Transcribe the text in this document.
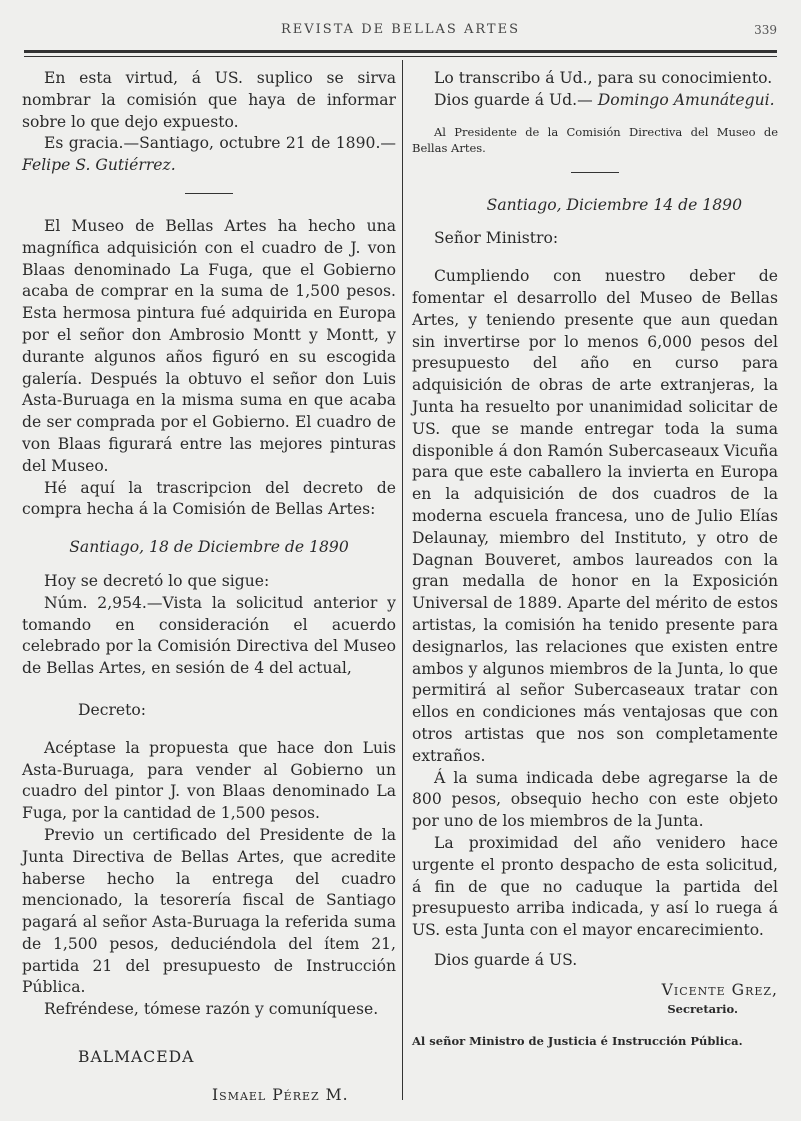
REVISTA DE BELLAS ARTES	339

En esta virtud, á US. suplico se sirva nombrar la comisión que haya de informar sobre lo que dejo expuesto.

Es gracia.—Santiago, octubre 21 de 1890.— Felipe S. Gutiérrez.

El Museo de Bellas Artes ha hecho una magnífica adquisición con el cuadro de J. von Blaas denominado La Fuga, que el Gobierno acaba de comprar en la suma de 1,500 pesos. Esta hermosa pintura fué adquirida en Europa por el señor don Ambrosio Montt y Montt, y durante algunos años figuró en su escogida galería. Después la obtuvo el señor don Luis Asta-Buruaga en la misma suma en que acaba de ser comprada por el Gobierno. El cuadro de von Blaas figurará entre las mejores pinturas del Museo.

Hé aquí la trascripcion del decreto de compra hecha á la Comisión de Bellas Artes:

Santiago, 18 de Diciembre de 1890

Hoy se decretó lo que sigue:

Núm. 2,954.—Vista la solicitud anterior y tomando en consideración el acuerdo celebrado por la Comisión Directiva del Museo de Bellas Artes, en sesión de 4 del actual,

Decreto:

Acéptase la propuesta que hace don Luis Asta-Buruaga, para vender al Gobierno un cuadro del pintor J. von Blaas denominado La Fuga, por la cantidad de 1,500 pesos.

Previo un certificado del Presidente de la Junta Directiva de Bellas Artes, que acredite haberse hecho la entrega del cuadro mencionado, la tesorería fiscal de Santiago pagará al señor Asta-Buruaga la referida suma de 1,500 pesos, deduciéndola del ítem 21, partida 21 del presupuesto de Instrucción Pública.

Refréndese, tómese razón y comuníquese.

BALMACEDA

Ismael Pérez M.

Lo transcribo á Ud., para su conocimiento.

Dios guarde á Ud.— Domingo Amunátegui.

Al Presidente de la Comisión Directiva del Museo de Bellas Artes.

Santiago, Diciembre 14 de 1890

Señor Ministro:

Cumpliendo con nuestro deber de fomentar el desarrollo del Museo de Bellas Artes, y teniendo presente que aun quedan sin invertirse por lo menos 6,000 pesos del presupuesto del año en curso para adquisición de obras de arte extranjeras, la Junta ha resuelto por unanimidad solicitar de US. que se mande entregar toda la suma disponible á don Ramón Subercaseaux Vicuña para que este caballero la invierta en Europa en la adquisición de dos cuadros de la moderna escuela francesa, uno de Julio Elías Delaunay, miembro del Instituto, y otro de Dagnan Bouveret, ambos laureados con la gran medalla de honor en la Exposición Universal de 1889. Aparte del mérito de estos artistas, la comisión ha tenido presente para designarlos, las relaciones que existen entre ambos y algunos miembros de la Junta, lo que permitirá al señor Subercaseaux tratar con ellos en condiciones más ventajosas que con otros artistas que nos son completamente extraños.

Á la suma indicada debe agregarse la de 800 pesos, obsequio hecho con este objeto por uno de los miembros de la Junta.

La proximidad del año venidero hace urgente el pronto despacho de esta solicitud, á fin de que no caduque la partida del presupuesto arriba indicada, y así lo ruega á US. esta Junta con el mayor encarecimiento.

Dios guarde á US.

Vicente Grez,

Secretario.

Al señor Ministro de Justicia é Instrucción Pública.
